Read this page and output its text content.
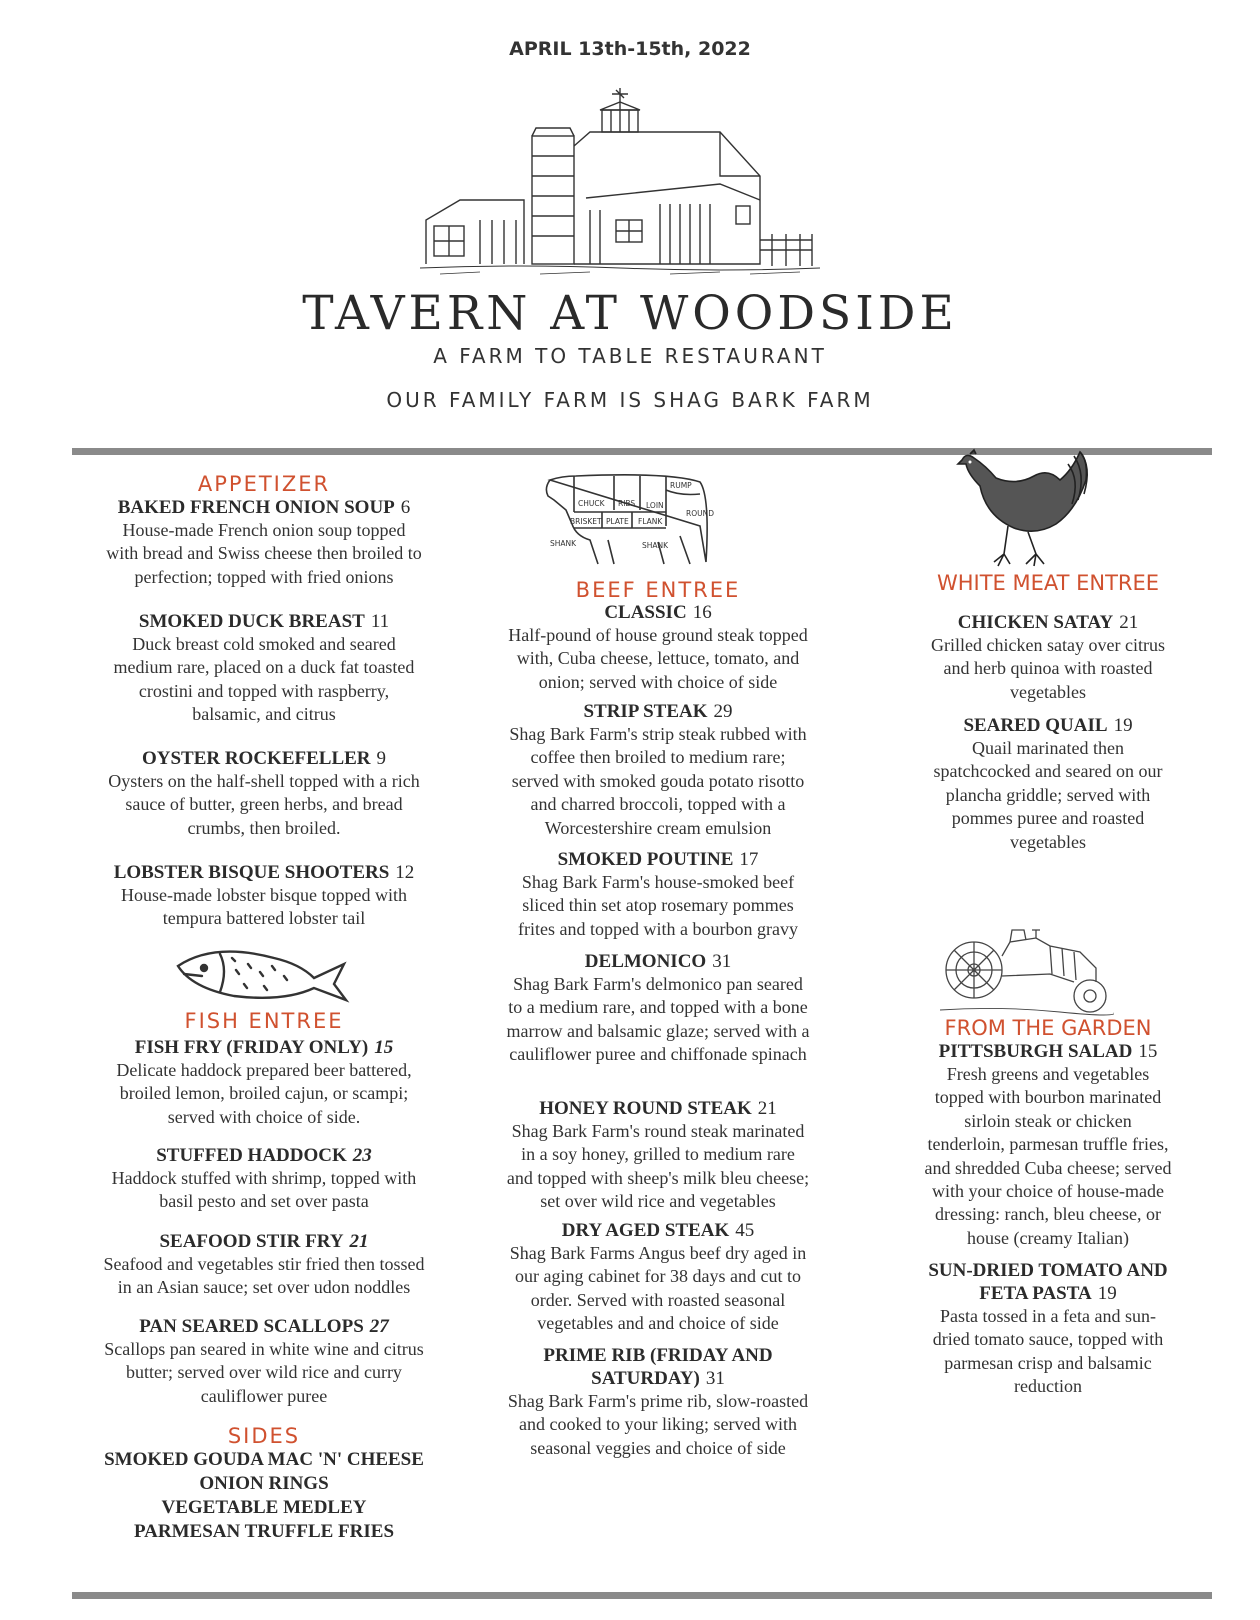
APRIL 13th-15th, 2022
TAVERN AT WOODSIDE
A FARM TO TABLE RESTAURANT
OUR FAMILY FARM IS SHAG BARK FARM
APPETIZER
BAKED FRENCH ONION SOUP 6
House-made French onion soup topped
with bread and Swiss cheese then broiled to
perfection; topped with fried onions
SMOKED DUCK BREAST 11
Duck breast cold smoked and seared
medium rare, placed on a duck fat toasted
crostini and topped with raspberry,
balsamic, and citrus
OYSTER ROCKEFELLER 9
Oysters on the half-shell topped with a rich
sauce of butter, green herbs, and bread
crumbs, then broiled.
LOBSTER BISQUE SHOOTERS 12
House-made lobster bisque topped with
tempura battered lobster tail
FISH ENTREE
FISH FRY (FRIDAY ONLY) 15
Delicate haddock prepared beer battered,
broiled lemon, broiled cajun, or scampi;
served with choice of side.
STUFFED HADDOCK 23
Haddock stuffed with shrimp, topped with
basil pesto and set over pasta
SEAFOOD STIR FRY 21
Seafood and vegetables stir fried then tossed
in an Asian sauce; set over udon noddles
PAN SEARED SCALLOPS 27
Scallops pan seared in white wine and citrus
butter; served over wild rice and curry
cauliflower puree
SIDES
SMOKED GOUDA MAC 'N' CHEESE
ONION RINGS
VEGETABLE MEDLEY
PARMESAN TRUFFLE FRIES
CHUCK RIBS LOIN
RUMP
ROUND
BRISKET PLATE FLANK
SHANK	SHANK
BEEF ENTREE
CLASSIC 16
Half-pound of house ground steak topped
with, Cuba cheese, lettuce, tomato, and
onion; served with choice of side
STRIP STEAK 29
Shag Bark Farm's strip steak rubbed with
coffee then broiled to medium rare;
served with smoked gouda potato risotto
and charred broccoli, topped with a
Worcestershire cream emulsion
SMOKED POUTINE 17
Shag Bark Farm's house-smoked beef
sliced thin set atop rosemary pommes
frites and topped with a bourbon gravy
DELMONICO 31
Shag Bark Farm's delmonico pan seared
to a medium rare, and topped with a bone
marrow and balsamic glaze; served with a
cauliflower puree and chiffonade spinach
HONEY ROUND STEAK 21
Shag Bark Farm's round steak marinated
in a soy honey, grilled to medium rare
and topped with sheep's milk bleu cheese;
set over wild rice and vegetables
DRY AGED STEAK 45
Shag Bark Farms Angus beef dry aged in
our aging cabinet for 38 days and cut to
order. Served with roasted seasonal
vegetables and and choice of side
PRIME RIB (FRIDAY AND
SATURDAY) 31
Shag Bark Farm's prime rib, slow-roasted
and cooked to your liking; served with
seasonal veggies and choice of side
WHITE MEAT ENTREE
CHICKEN SATAY 21
Grilled chicken satay over citrus
and herb quinoa with roasted
vegetables
SEARED QUAIL 19
Quail marinated then
spatchcocked and seared on our
plancha griddle; served with
pommes puree and roasted
vegetables
FROM THE GARDEN
PITTSBURGH SALAD 15
Fresh greens and vegetables
topped with bourbon marinated
sirloin steak or chicken
tenderloin, parmesan truffle fries,
and shredded Cuba cheese; served
with your choice of house-made
dressing: ranch, bleu cheese, or
house (creamy Italian)
SUN-DRIED TOMATO AND
FETA PASTA 19
Pasta tossed in a feta and sun-
dried tomato sauce, topped with
parmesan crisp and balsamic
reduction
